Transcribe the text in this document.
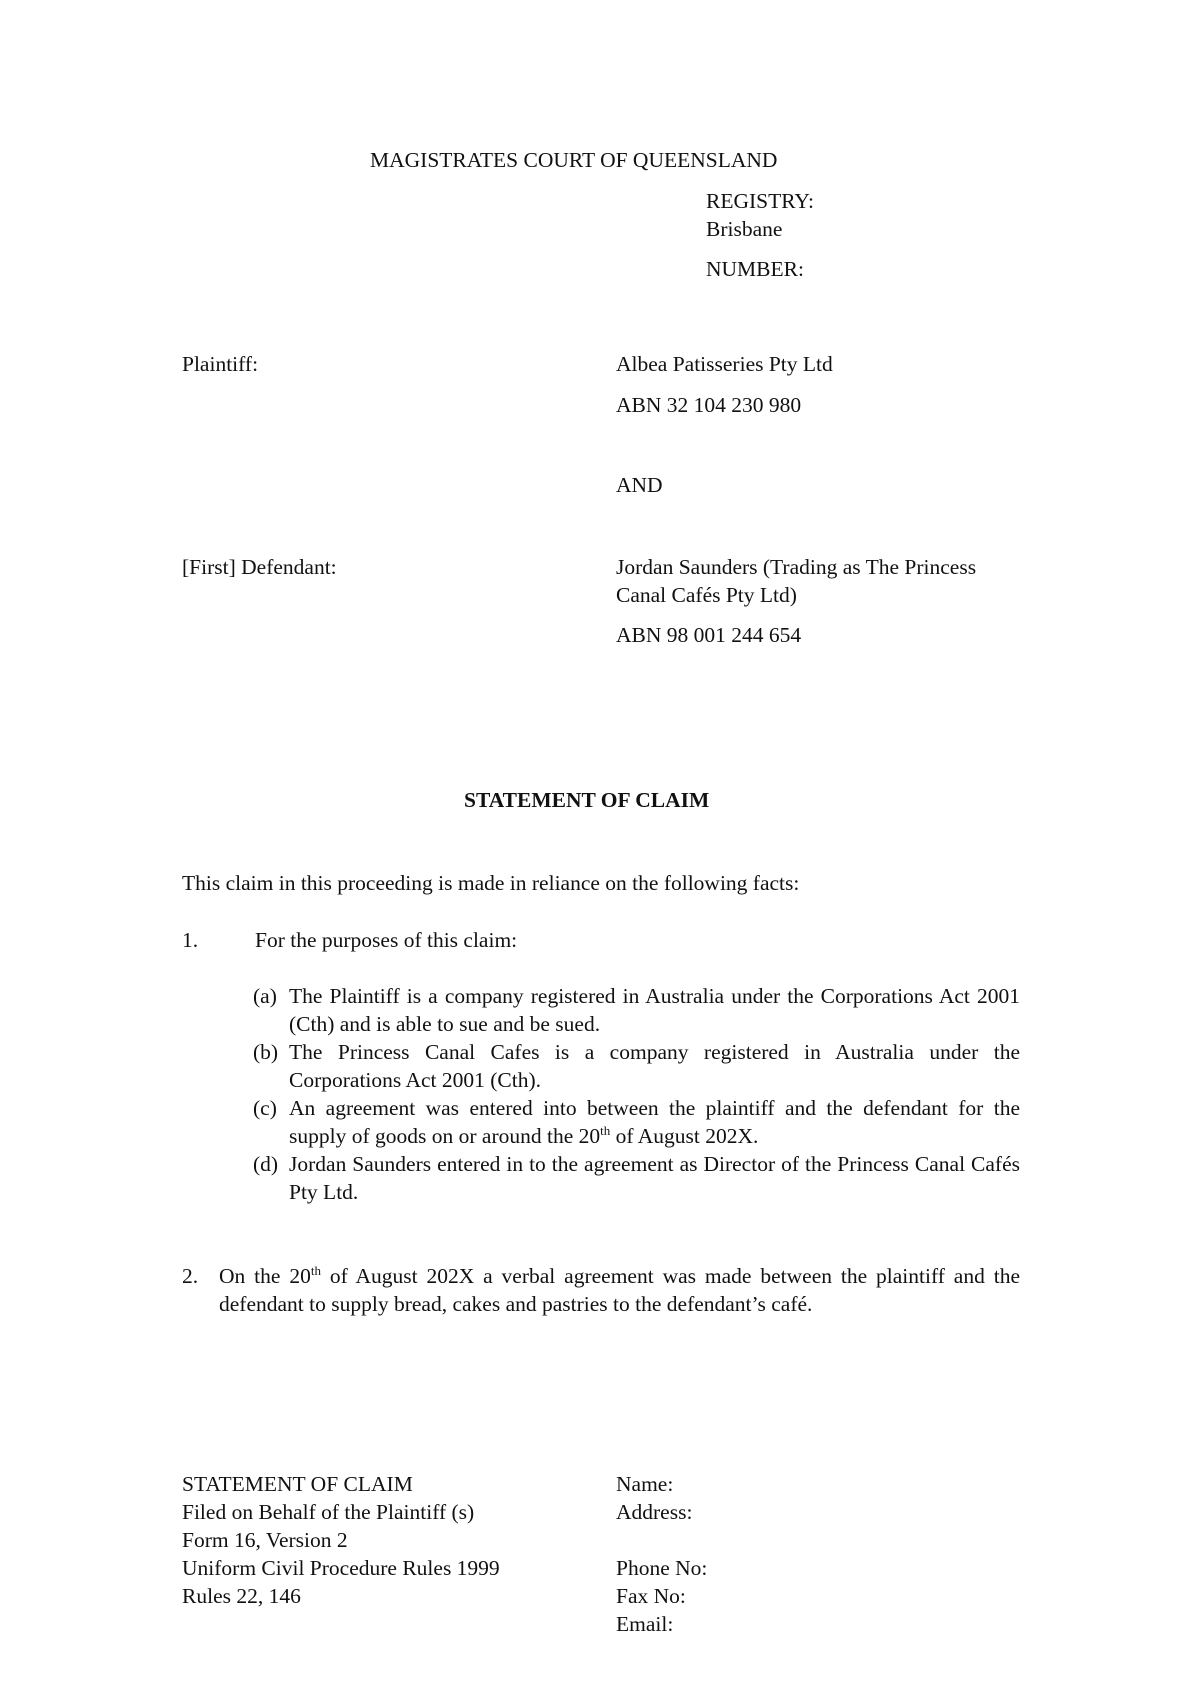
MAGISTRATES COURT OF QUEENSLAND
REGISTRY:
Brisbane
NUMBER:
Plaintiff:	Albea Patisseries Pty Ltd
ABN 32 104 230 980
AND
[First] Defendant:	Jordan Saunders (Trading as The Princess
Canal Cafés Pty Ltd)
ABN 98 001 244 654
STATEMENT OF CLAIM
This claim in this proceeding is made in reliance on the following facts:
1.	For the purposes of this claim:
(a) The Plaintiff is a company registered in Australia under the Corporations Act 2001 (Cth) and is able to sue and be sued.
(b) The Princess Canal Cafes is a company registered in Australia under the Corporations Act 2001 (Cth).
(c) An agreement was entered into between the plaintiff and the defendant for the supply of goods on or around the 20th of August 202X.
(d) Jordan Saunders entered in to the agreement as Director of the Princess Canal Cafés Pty Ltd.
2. On the 20th of August 202X a verbal agreement was made between the plaintiff and the defendant to supply bread, cakes and pastries to the defendant’s café.
STATEMENT OF CLAIM
Filed on Behalf of the Plaintiff (s)
Form 16, Version 2
Uniform Civil Procedure Rules 1999
Rules 22, 146
Name:
Address:
Phone No:
Fax No:
Email:
